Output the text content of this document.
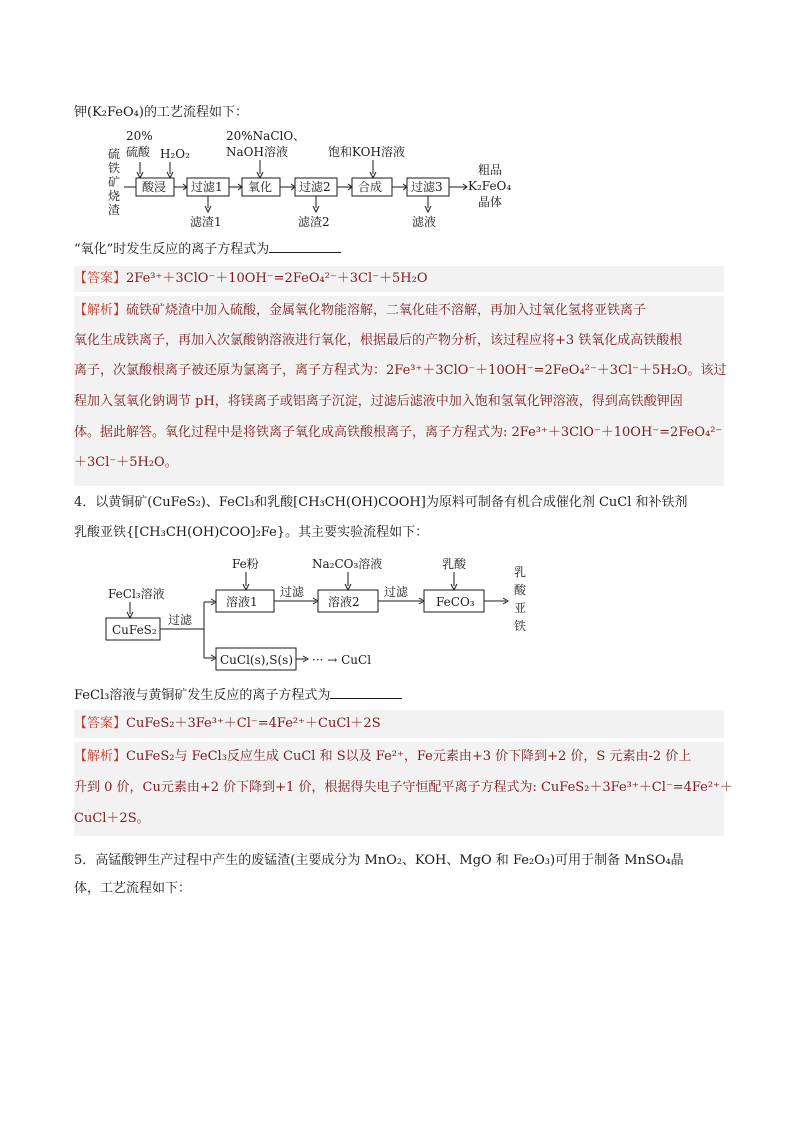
钾(K₂FeO₄)的工艺流程如下：
硫
铁
矿
烧
渣
20%
硫酸 H₂O₂
20%NaClO、
NaOH溶液	饱和KOH溶液
酸浸 过滤1 氧化 过滤2 合成 过滤3
滤渣1	滤渣2	滤液
粗品
K₂FeO₄
晶体
“氧化”时发生反应的离子方程式为
【答案】2Fe³⁺＋3ClO⁻＋10OH⁻=2FeO₄²⁻＋3Cl⁻＋5H₂O
【解析】硫铁矿烧渣中加入硫酸，金属氧化物能溶解，二氧化硅不溶解，再加入过氧化氢将亚铁离子
氧化生成铁离子，再加入次氯酸钠溶液进行氧化，根据最后的产物分析，该过程应将+3 铁氧化成高铁酸根
离子，次氯酸根离子被还原为氯离子，离子方程式为：2Fe³⁺＋3ClO⁻＋10OH⁻=2FeO₄²⁻＋3Cl⁻＋5H₂O。该过
程加入氢氧化钠调节 pH，将镁离子或铝离子沉淀，过滤后滤液中加入饱和氢氧化钾溶液，得到高铁酸钾固
体。据此解答。氧化过程中是将铁离子氧化成高铁酸根离子，离子方程式为: 2Fe³⁺＋3ClO⁻＋10OH⁻=2FeO₄²⁻
＋3Cl⁻＋5H₂O。
4．以黄铜矿(CuFeS₂)、FeCl₃和乳酸[CH₃CH(OH)COOH]为原料可制备有机合成催化剂 CuCl 和补铁剂
乳酸亚铁{[CH₃CH(OH)COO]₂Fe}。其主要实验流程如下：
FeCl₃溶液
CuFeS₂
过滤
Fe粉
溶液1
过滤
Na₂CO₃溶液
溶液2
过滤
乳酸
FeCO₃
乳
酸
亚
铁
CuCl(s),S(s) ··· → CuCl
FeCl₃溶液与黄铜矿发生反应的离子方程式为
【答案】CuFeS₂＋3Fe³⁺＋Cl⁻=4Fe²⁺＋CuCl＋2S
【解析】CuFeS₂与 FeCl₃反应生成 CuCl 和 S以及 Fe²⁺，Fe元素由+3 价下降到+2 价，S 元素由-2 价上
升到 0 价，Cu元素由+2 价下降到+1 价，根据得失电子守恒配平离子方程式为: CuFeS₂＋3Fe³⁺＋Cl⁻=4Fe²⁺＋
CuCl＋2S。
5．高锰酸钾生产过程中产生的废锰渣(主要成分为 MnO₂、KOH、MgO 和 Fe₂O₃)可用于制备 MnSO₄晶
体，工艺流程如下：
